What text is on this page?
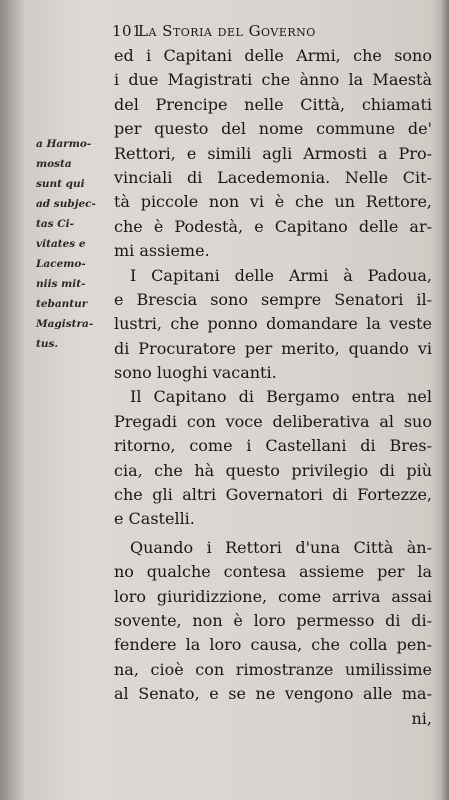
101
La Storia del Governo
a Harmo-
mosta
sunt qui
ad subjec-
tas Ci-
vitates e
Lacemo-
niis mit-
tebantur
Magistra-
tus.
ed i Capitani delle Armi, che sono
i due Magistrati che ànno la Maestà
del Prencipe nelle Città, chiamati
per questo del nome commune de'
Rettori, e simili agli Armosti a Pro-
vinciali di Lacedemonia. Nelle Cit-
tà piccole non vi è che un Rettore,
che è Podestà, e Capitano delle ar-
mi assieme.
I Capitani delle Armi à Padoua,
e Brescia sono sempre Senatori il-
lustri, che ponno domandare la veste
di Procuratore per merito, quando vi
sono luoghi vacanti.
Il Capitano di Bergamo entra nel
Pregadi con voce deliberativa al suo
ritorno, come i Castellani di Bres-
cia, che hà questo privilegio di più
che gli altri Governatori di Fortezze,
e Castelli.
Quando i Rettori d'una Città àn-
no qualche contesa assieme per la
loro giuridizzione, come arriva assai
sovente, non è loro permesso di di-
fendere la loro causa, che colla pen-
na, cioè con rimostranze umilissime
al Senato, e se ne vengono alle ma-
ni,
